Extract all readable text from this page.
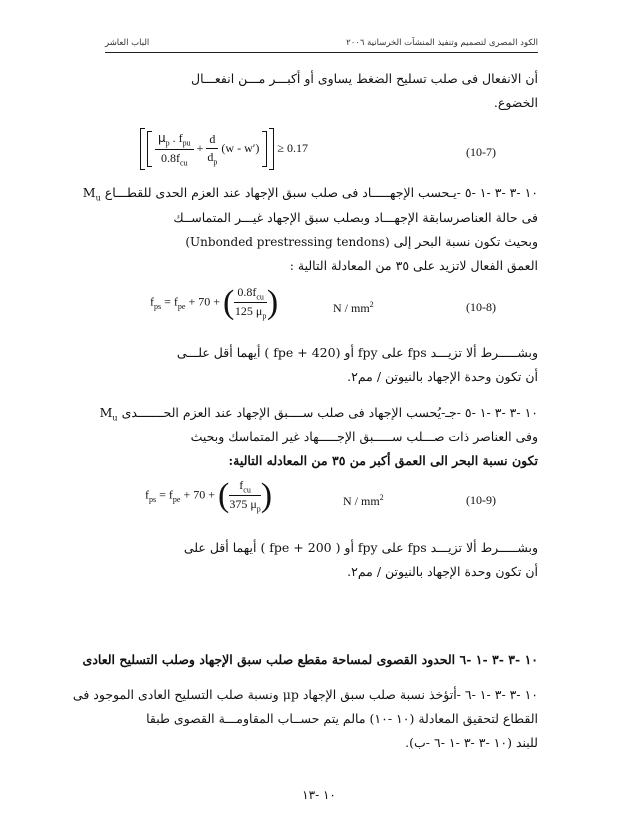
الكود المصرى لتصميم وتنفيذ المنشآت الخرسانية ٢٠٠٦
الباب العاشر
أن الانفعال فى صلب تسليح الضغط يساوى أو أكبـــر مـــن انفعـــال
الخضوع.

$\frac{\mu_p . f_{pu}}{0.8f_{cu}} + \frac{d}{d_p} (w - w') \ge 0.17$	(10-7)
١٠ -٣ -٣ -١ -٥ -يـحسب الإجهـــــاد فى صلب سبق الإجهاد عند العزم الحدى للقطـــاع $M_u$
فى حالة العناصرسابقة الإجهـــاد وبصلب سبق الإجهاد غيـــر المتماســك
وبحيث تكون نسبة البحر إلى (Unbonded prestressing tendons)
العمق الفعال لاتزيد على ٣٥ من المعادلة التالية :
$f_{ps} = f_{pe} + 70$ + ( $\frac{0.8f_{cu}}{125 \mu_p}$ )	N / $mm^2$	(10-8)
وبشـــــرط ألا تزيـــد fps على fpy أو (420 + fpe ) أيهما أقل علـــى
أن تكون وحدة الإجهاد بالنيوتن / مم٢.
١٠ -٣ -٣ -١ -٥ -جـ-يُحسب الإجهاد فى صلب ســــبق الإجهاد عند العزم الحـــــــدى $M_u$
وفى العناصر ذات صـــلب ســـــبق الإجـــــهاد غير المتماسك وبحيث
تكون نسبة البحر الى العمق أكبر من ٣٥ من المعادله التالية:
$f_{ps} = f_{pe} + 70$ + ( $\frac{f_{cu}}{375 \mu_p}$ )	N / $mm^2$	(10-9)
وبشـــــرط ألا تزيـــد fps على fpy أو ( 200 + fpe ) أيهما أقل على
أن تكون وحدة الإجهاد بالنيوتن / مم٢.
١٠ -٣ -٣ -١ -٦ الحدود القصوى لمساحة مقطع صلب سبق الإجهاد وصلب التسليح العادى
١٠ -٣ -٣ -١ -٦ -أتؤخذ نسبة صلب سبق الإجهاد μp ونسبة صلب التسليح العادى الموجود فى
القطاع لتحقيق المعادلة (١٠ -١٠) مالم يتم حســاب المقاومـــة القصوى طبقا
للبند (١٠ -٣ -٣ -١ -٦ -ب).
١٠ -١٣
